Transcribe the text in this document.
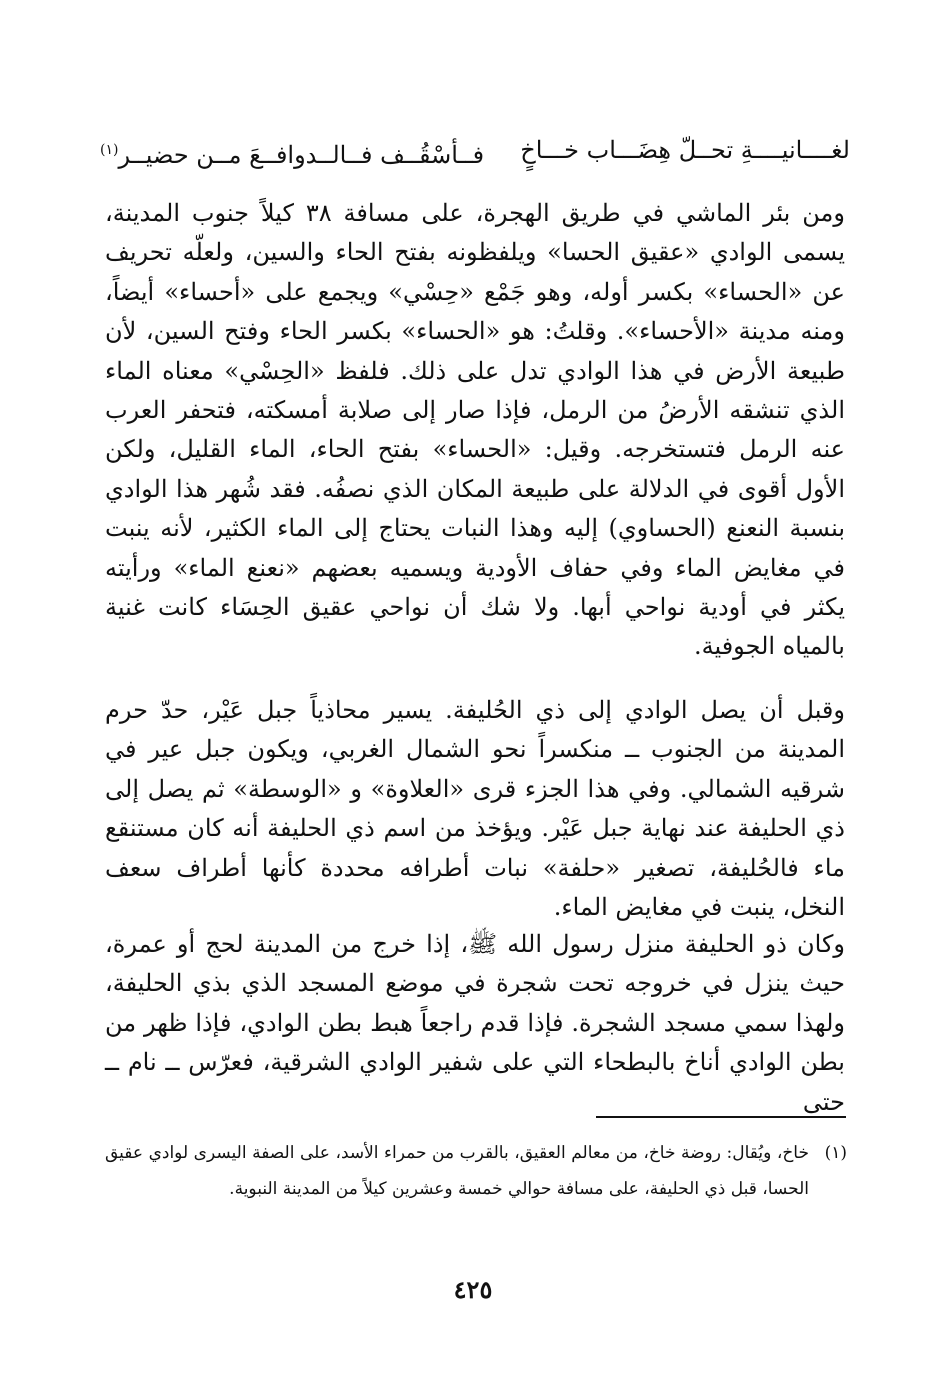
لغــــانيــــةِ تحــلّ هِضَـــاب خـــاخٍ
فــأسْقُــف فــالــدوافــعَ مــن حضيــر$^{(١)}$

ومن بئر الماشي في طريق الهجرة، على مسافة ٣٨ كيلاً جنوب المدينة، يسمى الوادي «عقيق الحسا» ويلفظونه بفتح الحاء والسين، ولعلّه تحريف عن «الحساء» بكسر أوله، وهو جَمْع «حِسْي» ويجمع على «أحساء» أيضاً، ومنه مدينة «الأحساء». وقلتُ: هو «الحساء» بكسر الحاء وفتح السين، لأن طبيعة الأرض في هذا الوادي تدل على ذلك. فلفظ «الحِسْي» معناه الماء الذي تنشقه الأرضُ من الرمل، فإذا صار إلى صلابة أمسكته، فتحفر العرب عنه الرمل فتستخرجه. وقيل: «الحساء» بفتح الحاء، الماء القليل، ولكن الأول أقوى في الدلالة على طبيعة المكان الذي نصفُه. فقد شُهر هذا الوادي بنسبة النعنع (الحساوي) إليه وهذا النبات يحتاج إلى الماء الكثير، لأنه ينبت في مغايض الماء وفي حفاف الأودية ويسميه بعضهم «نعنع الماء» ورأيته يكثر في أودية نواحي أبها. ولا شك أن نواحي عقيق الحِسَاء كانت غنية بالمياه الجوفية.

وقبل أن يصل الوادي إلى ذي الحُليفة. يسير محاذياً جبل عَيْر، حدّ حرم المدينة من الجنوب ــ منكسراً نحو الشمال الغربي، ويكون جبل عير في شرقيه الشمالي. وفي هذا الجزء قرى «العلاوة» و «الوسطة» ثم يصل إلى ذي الحليفة عند نهاية جبل عَيْر. ويؤخذ من اسم ذي الحليفة أنه كان مستنقع ماء فالحُليفة، تصغير «حلفة» نبات أطرافه محددة كأنها أطراف سعف النخل، ينبت في مغايض الماء.

وكان ذو الحليفة منزل رسول الله ﷺ، إذا خرج من المدينة لحج أو عمرة، حيث ينزل في خروجه تحت شجرة في موضع المسجد الذي بذي الحليفة، ولهذا سمي مسجد الشجرة. فإذا قدم راجعاً هبط بطن الوادي، فإذا ظهر من بطن الوادي أناخ بالبطحاء التي على شفير الوادي الشرقية، فعرّس ــ نام ــ حتى

(١)
خاخ، ويُقال: روضة خاخ، من معالم العقيق، بالقرب من حمراء الأسد، على الصفة اليسرى لوادي عقيق الحسا، قبل ذي الحليفة، على مسافة حوالي خمسة وعشرين كيلاً من المدينة النبوية.
٤٢٥
